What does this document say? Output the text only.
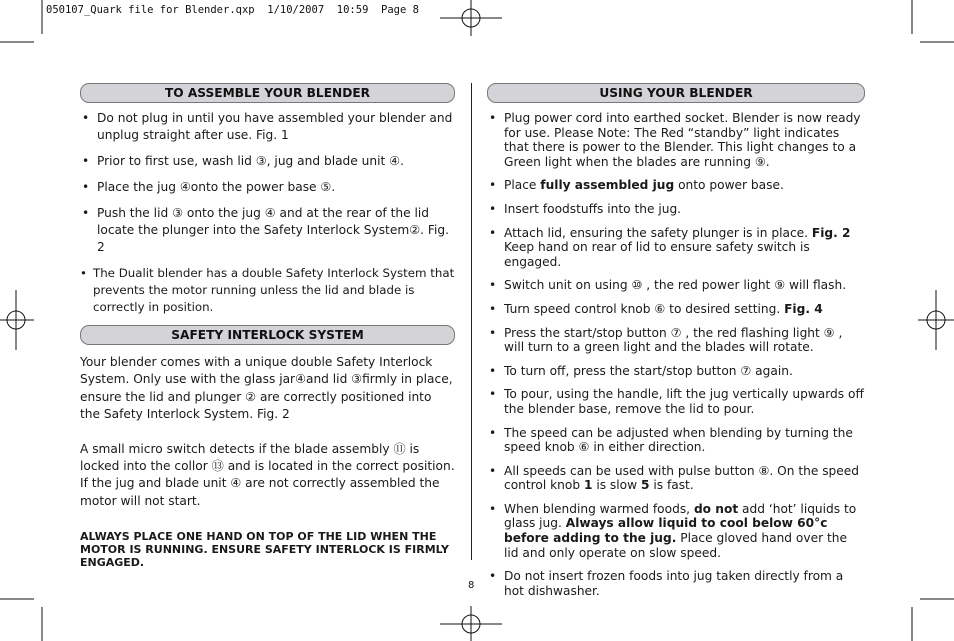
050107_Quark file for Blender.qxp  1/10/2007  10:59  Page 8
TO ASSEMBLE YOUR BLENDER
• Do not plug in until you have assembled your blender and unplug straight after use. Fig. 1
• Prior to first use, wash lid ③, jug and blade unit ④.
• Place the jug ④onto the power base ⑤.
• Push the lid ③ onto the jug ④ and at the rear of the lid locate the plunger into the Safety Interlock System②. Fig. 2
• The Dualit blender has a double Safety Interlock System that prevents the motor running unless the lid and blade is correctly in position.
SAFETY INTERLOCK SYSTEM

Your blender comes with a unique double Safety Interlock System. Only use with the glass jar④and lid ③firmly in place, ensure the lid and plunger ② are correctly positioned into the Safety Interlock System. Fig. 2

A small micro switch detects if the blade assembly ⑪ is locked into the collor ⑬ and is located in the correct position. If the jug and blade unit ④ are not correctly assembled the motor will not start.

ALWAYS PLACE ONE HAND ON TOP OF THE LID WHEN THE MOTOR IS RUNNING. ENSURE SAFETY INTERLOCK IS FIRMLY ENGAGED.

USING YOUR BLENDER
• Plug power cord into earthed socket. Blender is now ready for use. Please Note: The Red “standby” light indicates that there is power to the Blender. This light changes to a Green light when the blades are running ⑨.
• Place fully assembled jug onto power base.
• Insert foodstuffs into the jug.
• Attach lid, ensuring the safety plunger is in place. Fig. 2 Keep hand on rear of lid to ensure safety switch is engaged.
• Switch unit on using ⑩ , the red power light ⑨ will flash.
• Turn speed control knob ⑥ to desired setting. Fig. 4
• Press the start/stop button ⑦ , the red flashing light ⑨ , will turn to a green light and the blades will rotate.
• To turn off, press the start/stop button ⑦ again.
• To pour, using the handle, lift the jug vertically upwards off the blender base, remove the lid to pour.
• The speed can be adjusted when blending by turning the speed knob ⑥ in either direction.
• All speeds can be used with pulse button ⑧. On the speed control knob 1 is slow 5 is fast.
• When blending warmed foods, do not add ‘hot’ liquids to glass jug. Always allow liquid to cool below 60°c before adding to the jug. Place gloved hand over the lid and only operate on slow speed.
• Do not insert frozen foods into jug taken directly from a hot dishwasher.
8
